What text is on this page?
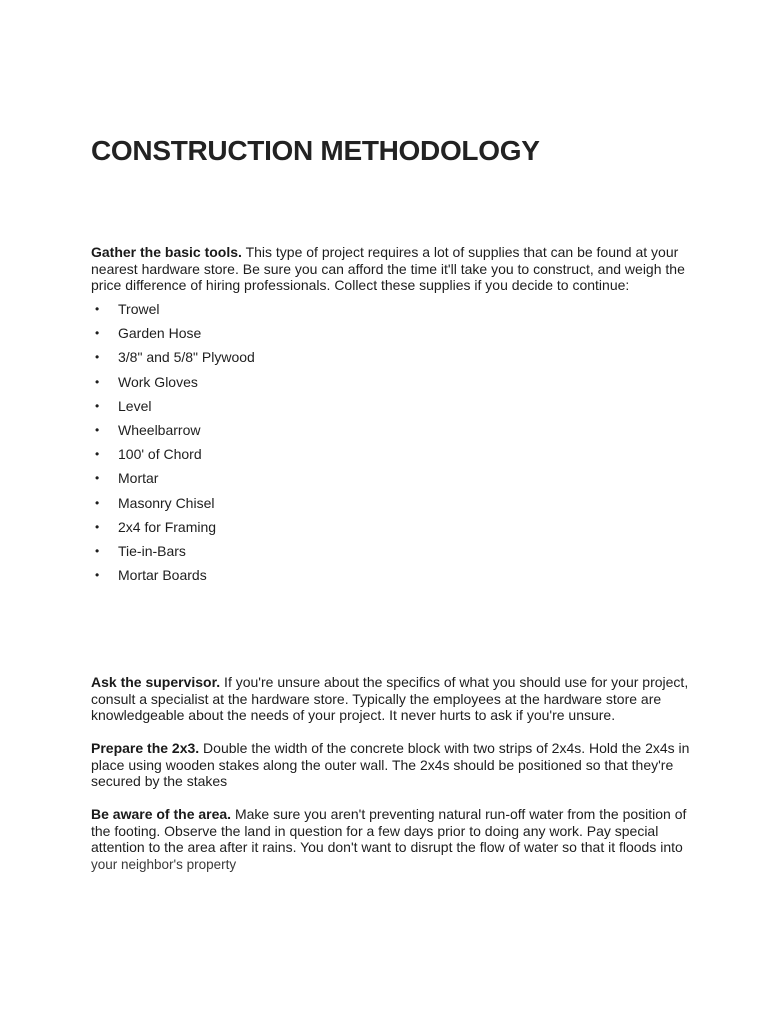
CONSTRUCTION METHODOLOGY

Gather the basic tools. This type of project requires a lot of supplies that can be found at your nearest hardware store. Be sure you can afford the time it'll take you to construct, and weigh the price difference of hiring professionals. Collect these supplies if you decide to continue:

• Trowel
• Garden Hose
• 3/8" and 5/8" Plywood
• Work Gloves
• Level
• Wheelbarrow
• 100' of Chord
• Mortar
• Masonry Chisel
• 2x4 for Framing
• Tie-in-Bars
• Mortar Boards

Ask the supervisor. If you're unsure about the specifics of what you should use for your project, consult a specialist at the hardware store. Typically the employees at the hardware store are knowledgeable about the needs of your project. It never hurts to ask if you're unsure.

Prepare the 2x3. Double the width of the concrete block with two strips of 2x4s. Hold the 2x4s in place using wooden stakes along the outer wall. The 2x4s should be positioned so that they're secured by the stakes

Be aware of the area. Make sure you aren't preventing natural run-off water from the position of the footing. Observe the land in question for a few days prior to doing any work. Pay special attention to the area after it rains. You don't want to disrupt the flow of water so that it floods into
your neighbor's property
